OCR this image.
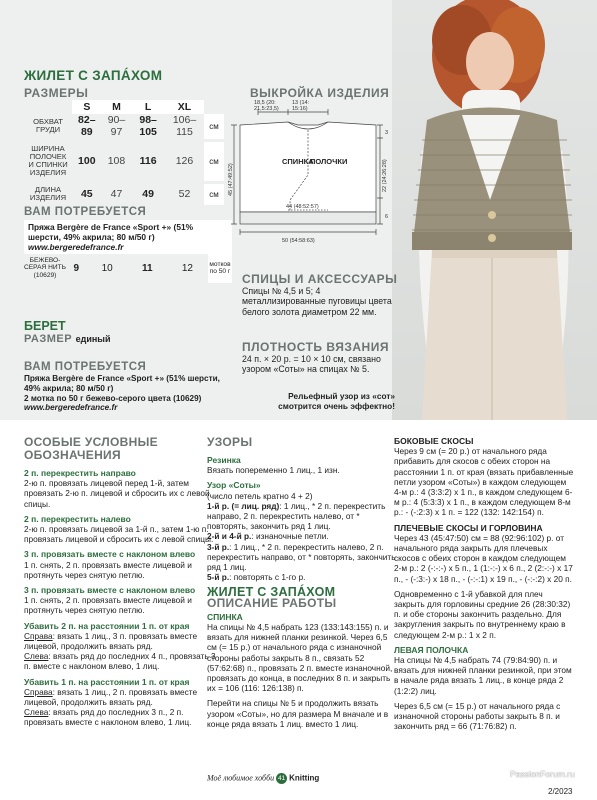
ЖИЛЕТ С ЗАПÁХОМ
РАЗМЕРЫ
	S	M	L	XL	
ОБХВАТ ГРУДИ	82–89	90–97	98–105	106–115	см
ШИРИНА ПОЛОЧЕК И СПИНКИ ИЗДЕЛИЯ	100	108	116	126	см
ДЛИНА ИЗДЕЛИЯ	45	47	49	52	см
ВАМ ПОТРЕБУЕТСЯ
Пряжа Bergère de France «Sport +» (51% шерсти, 49% акрила; 80 м/50 г)
www.bergeredefrance.fr
БЕЖЕВО-СЕРАЯ НИТЬ (10629)	9	10	11	12	мотков по 50 г
БЕРЕТ
РАЗМЕР единый
ВАМ ПОТРЕБУЕТСЯ
Пряжа Bergère de France «Sport +» (51% шерсти, 49% акрила; 80 м/50 г)
2 мотка по 50 г бежево-серого цвета (10629)
www.bergeredefrance.fr
ВЫКРОЙКА ИЗДЕЛИЯ
СПИНКА
ПОЛОЧКИ
18,5 (20:
21,5:23,5)
13 (14:
15:16)
3
22 (24:26:28)
6
45 (47:49:52)
44 (48:52:57)
50 (54:58:63)
СПИЦЫ И АКСЕССУАРЫ
Спицы № 4,5 и 5; 4 металлизированные пуговицы цвета белого золота диаметром 22 мм.
ПЛОТНОСТЬ ВЯЗАНИЯ
24 п. × 20 р. = 10 × 10 см, связано узором «Соты» на спицах № 5.
Рельефный узор из «сот» смотрится очень эффектно!
ОСОБЫЕ УСЛОВНЫЕ ОБОЗНАЧЕНИЯ
2 п. перекрестить направо

2-ю п. провязать лицевой перед 1-й, затем провязать 2-ю п. лицевой и сбросить их с левой спицы.

2 п. перекрестить налево

2-ю п. провязать лицевой за 1-й п., затем 1-ю п. провязать лицевой и сбросить их с левой спицы.

3 п. провязать вместе с наклоном влево

1 п. снять, 2 п. провязать вместе лицевой и протянуть через снятую петлю.

3 п. провязать вместе с наклоном влево

1 п. снять, 2 п. провязать вместе лицевой и протянуть через снятую петлю.

Убавить 2 п. на расстоянии 1 п. от края

Справа: вязать 1 лиц., 3 п. провязать вместе лицевой, продолжить вязать ряд.
Слева: вязать ряд до последних 4 п., провязать 3 п. вместе с наклоном влево, 1 лиц.

Убавить 1 п. на расстоянии 1 п. от края

Справа: вязать 1 лиц., 2 п. провязать вместе лицевой, продолжить вязать ряд.
Слева: вязать ряд до последних 3 п., 2 п. провязать вместе с наклоном влево, 1 лиц.

УЗОРЫ
Резинка

Вязать попеременно 1 лиц., 1 изн.

Узор «Соты»

(число петель кратно 4 + 2)
1-й р. (= лиц. ряд): 1 лиц., * 2 п. перекрестить направо, 2 п. перекрестить налево, от * повторять, закончить ряд 1 лиц.
2-й и 4-й р.: изнаночные петли.
3-й р.: 1 лиц., * 2 п. перекрестить налево, 2 п. перекрестить направо, от * повторять, закончить ряд 1 лиц.
5-й р.: повторять с 1-го р.

ЖИЛЕТ С ЗАПÁХОМ
ОПИСАНИЕ РАБОТЫ
СПИНКА

На спицы № 4,5 набрать 123 (133:143:155) п. и вязать для нижней планки резинкой. Через 6,5 см (= 15 р.) от начального ряда с изнаночной стороны работы закрыть 8 п., связать 52 (57:62:68) п., провязать 2 п. вместе изнаночной, провязать до конца, в последних 8 п. и закрыть их = 106 (116: 126:138) п.

Перейти на спицы № 5 и продолжить вязать узором «Соты», но для размера M вначале и в конце ряда вязать 1 лиц. вместо 1 лиц.

БОКОВЫЕ СКОСЫ

Через 9 см (= 20 р.) от начального ряда прибавить для скосов с обеих сторон на расстоянии 1 п. от края (вязать прибавленные петли узором «Соты») в каждом следующем 4-м р.: 4 (3:3:2) х 1 п., в каждом следующем 6-м р.: 4 (5:3:3) х 1 п., в каждом следующем 8-м р.: - (-:2:3) х 1 п. = 122 (132: 142:154) п.

ПЛЕЧЕВЫЕ СКОСЫ И ГОРЛОВИНА

Через 43 (45:47:50) см = 88 (92:96:102) р. от начального ряда закрыть для плечевых скосов с обеих сторон в каждом следующем 2-м р.: 2 (-:-:-) х 5 п., 1 (1:-:-) х 6 п., 2 (2:-:-) х 17 п., - (-:3:-) х 18 п., - (-:-:1) х 19 п., - (-:-:2) х 20 п.

Одновременно с 1-й убавкой для плеч закрыть для горловины средние 26 (28:30:32) п. и обе стороны закончить раздельно. Для закругления закрыть по внутреннему краю в следующем 2-м р.: 1 х 2 п.

ЛЕВАЯ ПОЛОЧКА

На спицы № 4,5 набрать 74 (79:84:90) п. и вязать для нижней планки резинкой, при этом в начале ряда вязать 1 лиц., в конце ряда 2 (1:2:2) лиц.

Через 6,5 см (= 15 р.) от начального ряда с изнаночной стороны работы закрыть 8 п. и закончить ряд = 66 (71:76:82) п.

Моё любимое хобби 41 Knitting	PassionForum.ru
2/2023
